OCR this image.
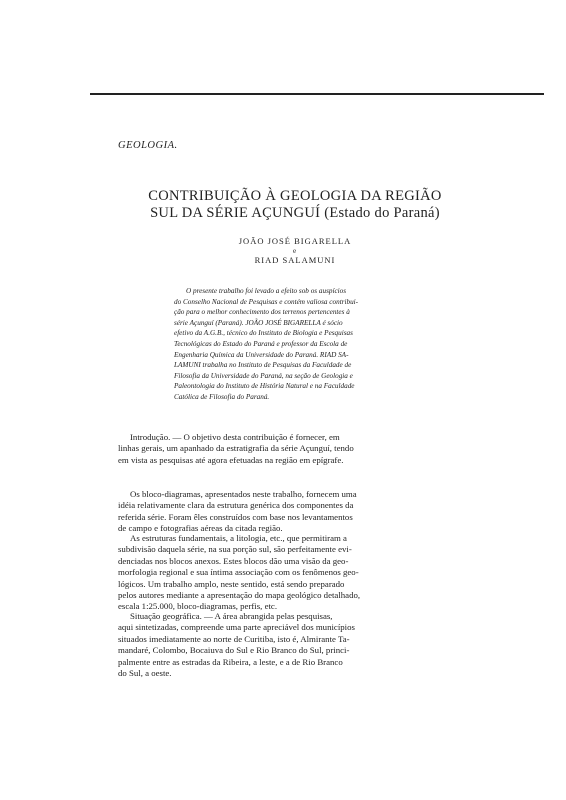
GEOLOGIA.

CONTRIBUIÇÃO À GEOLOGIA DA REGIÃO
SUL DA SÉRIE AÇUNGUÍ (Estado do Paraná)
JOÃO JOSÉ BIGARELLA
e
RIAD SALAMUNI

O presente trabalho foi levado a efeito sob os auspícios
do Conselho Nacional de Pesquisas e contém valiosa contribui-
ção para o melhor conhecimento dos terrenos pertencentes à
série Açunguí (Paraná). JOÃO JOSÉ BIGARELLA é sócio
efetivo da A.G.B., técnico do Instituto de Biologia e Pesquisas
Tecnológicas do Estado do Paraná e professor da Escola de
Engenharia Química da Universidade do Paraná. RIAD SA-
LAMUNI trabalha no Instituto de Pesquisas da Faculdade de
Filosofia da Universidade do Paraná, na seção de Geologia e
Paleontologia do Instituto de História Natural e na Faculdade
Católica de Filosofia do Paraná.

Introdução. — O objetivo desta contribuição é fornecer, em
linhas gerais, um apanhado da estratigrafia da série Açunguí, tendo
em vista as pesquisas até agora efetuadas na região em epígrafe.

Os bloco-diagramas, apresentados neste trabalho, fornecem uma
idéia relativamente clara da estrutura genérica dos componentes da
referida série. Foram êles construídos com base nos levantamentos
de campo e fotografias aéreas da citada região.

As estruturas fundamentais, a litologia, etc., que permitiram a
subdivisão daquela série, na sua porção sul, são perfeitamente evi-
denciadas nos blocos anexos. Estes blocos dão uma visão da geo-
morfologia regional e sua íntima associação com os fenômenos geo-
lógicos. Um trabalho amplo, neste sentido, está sendo preparado
pelos autores mediante a apresentação do mapa geológico detalhado,
escala 1:25.000, bloco-diagramas, perfis, etc.

Situação geográfica. — A área abrangida pelas pesquisas,
aqui sintetizadas, compreende uma parte apreciável dos municípios
situados imediatamente ao norte de Curitiba, isto é, Almirante Ta-
mandaré, Colombo, Bocaiuva do Sul e Rio Branco do Sul, princi-
palmente entre as estradas da Ribeira, a leste, e a de Rio Branco
do Sul, a oeste.
